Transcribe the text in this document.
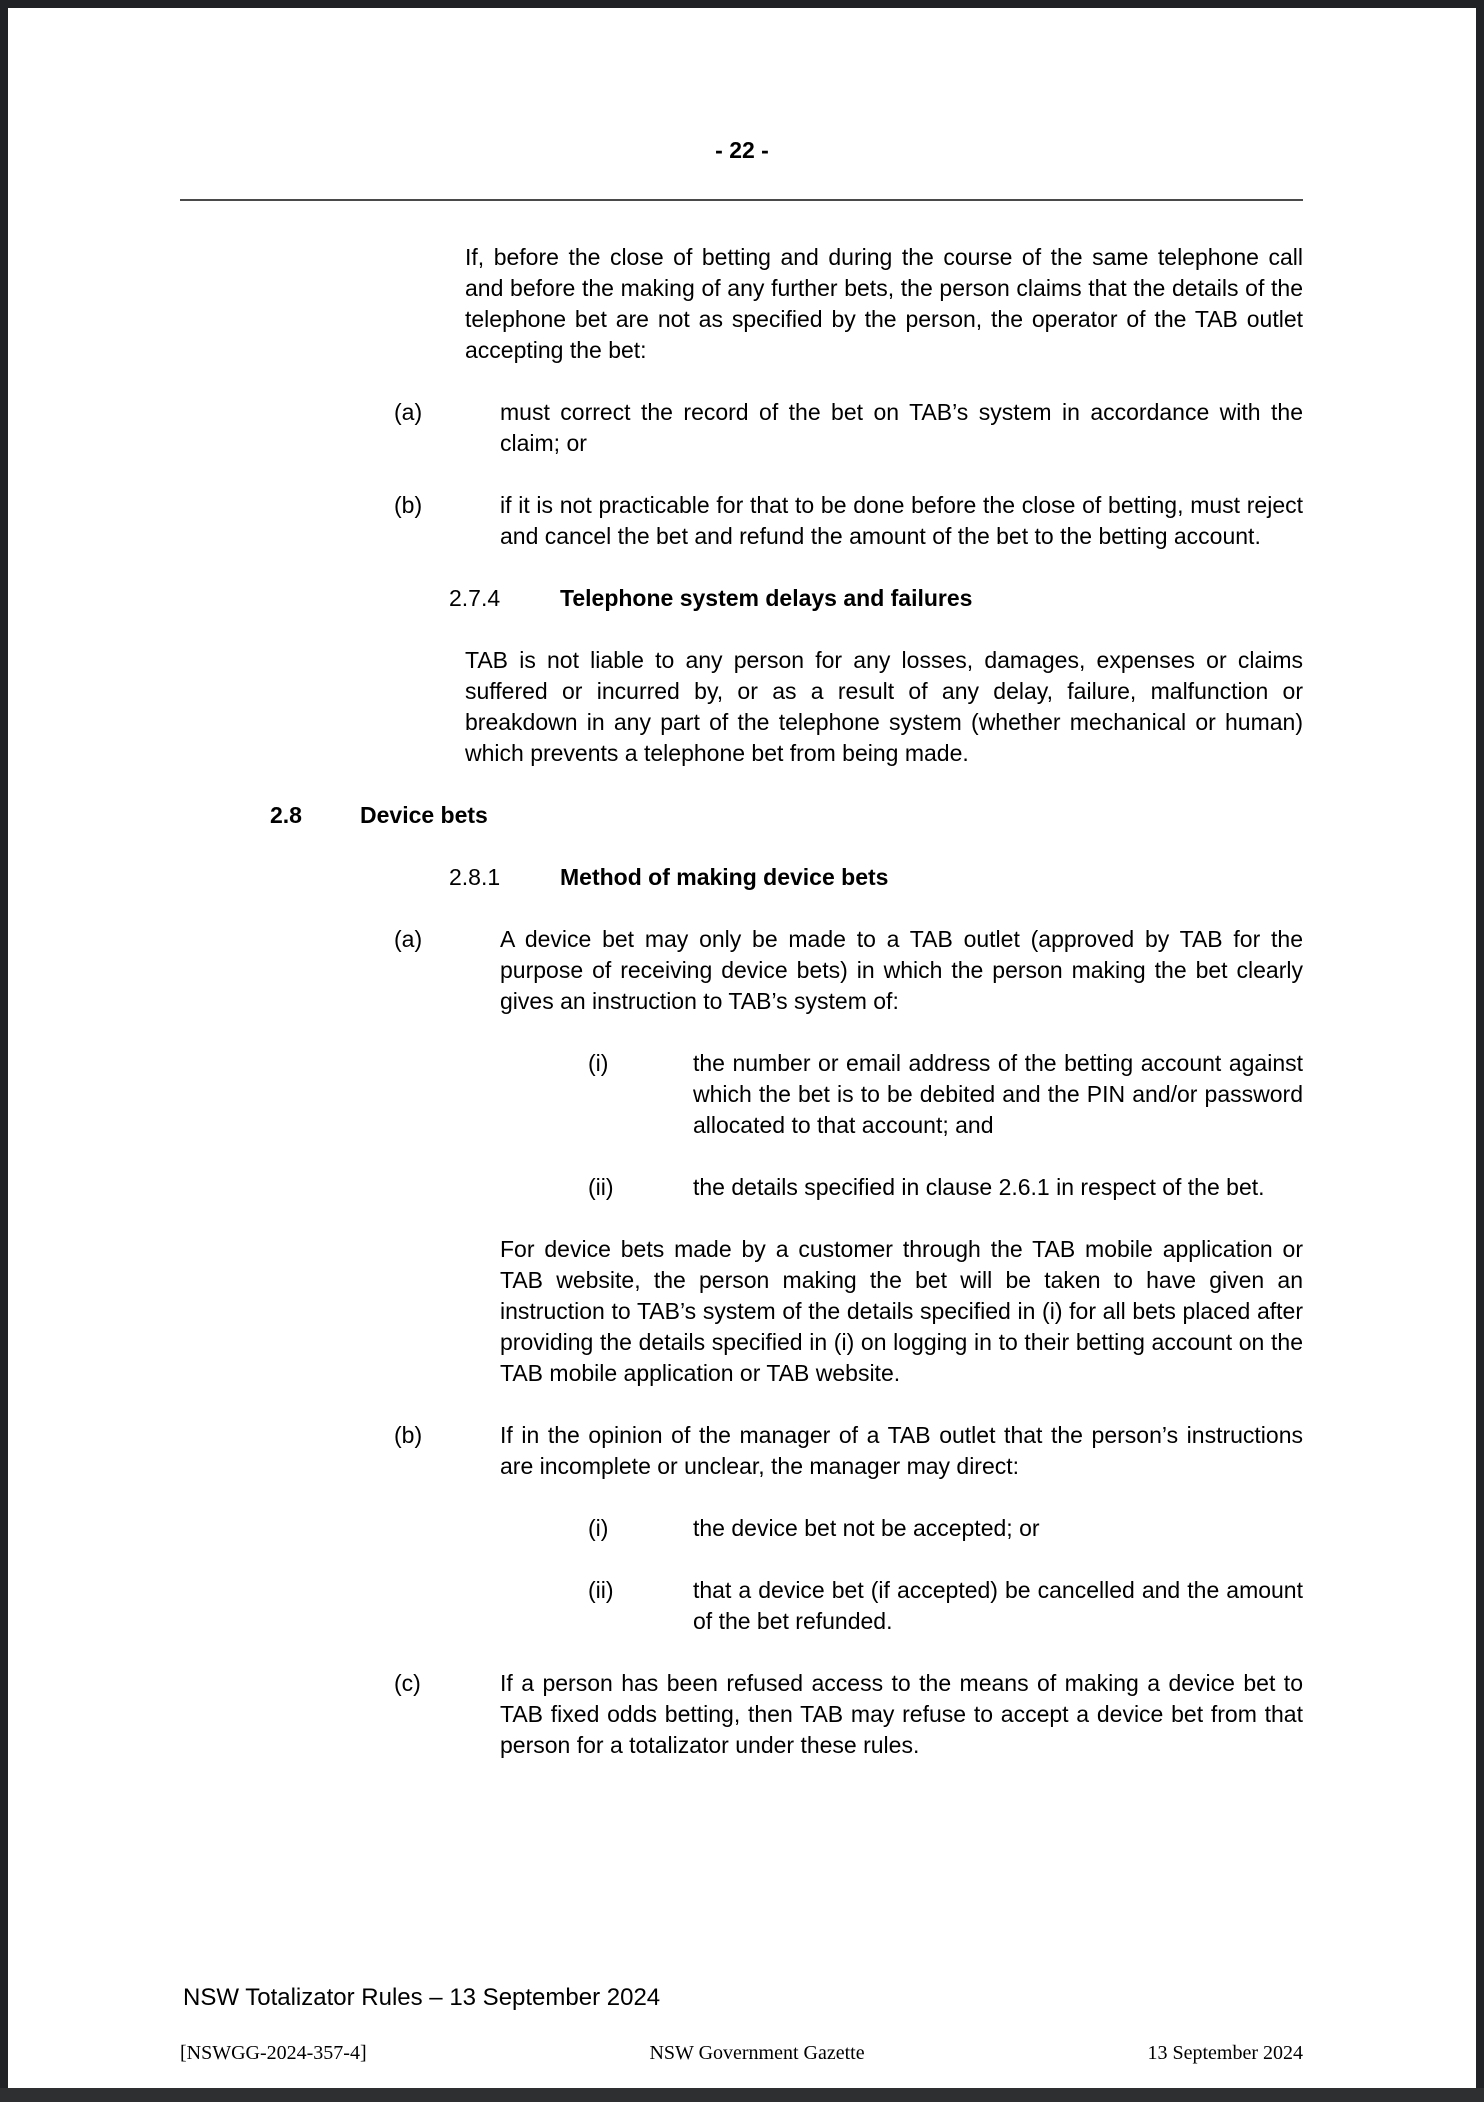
- 22 -

If, before the close of betting and during the course of the same telephone call and before the making of any further bets, the person claims that the details of the telephone bet are not as specified by the person, the operator of the TAB outlet accepting the bet:

(a)	must correct the record of the bet on TAB’s system in accordance with the claim; or
(b)	if it is not practicable for that to be done before the close of betting, must reject and cancel the bet and refund the amount of the bet to the betting account.
2.7.4	Telephone system delays and failures

TAB is not liable to any person for any losses, damages, expenses or claims suffered or incurred by, or as a result of any delay, failure, malfunction or breakdown in any part of the telephone system (whether mechanical or human) which prevents a telephone bet from being made.

2.8	Device bets
2.8.1	Method of making device bets
(a)	A device bet may only be made to a TAB outlet (approved by TAB for the purpose of receiving device bets) in which the person making the bet clearly gives an instruction to TAB’s system of:
(i)	the number or email address of the betting account against which the bet is to be debited and the PIN and/or password allocated to that account; and
(ii)	the details specified in clause 2.6.1 in respect of the bet.
For device bets made by a customer through the TAB mobile application or TAB website, the person making the bet will be taken to have given an instruction to TAB’s system of the details specified in (i) for all bets placed after providing the details specified in (i) on logging in to their betting account on the TAB mobile application or TAB website.
(b)	If in the opinion of the manager of a TAB outlet that the person’s instructions are incomplete or unclear, the manager may direct:
(i)	the device bet not be accepted; or
(ii)	that a device bet (if accepted) be cancelled and the amount of the bet refunded.
(c)	If a person has been refused access to the means of making a device bet to TAB fixed odds betting, then TAB may refuse to accept a device bet from that person for a totalizator under these rules.
NSW Totalizator Rules – 13 September 2024
[NSWGG-2024-357-4]	NSW Government Gazette	13 September 2024
